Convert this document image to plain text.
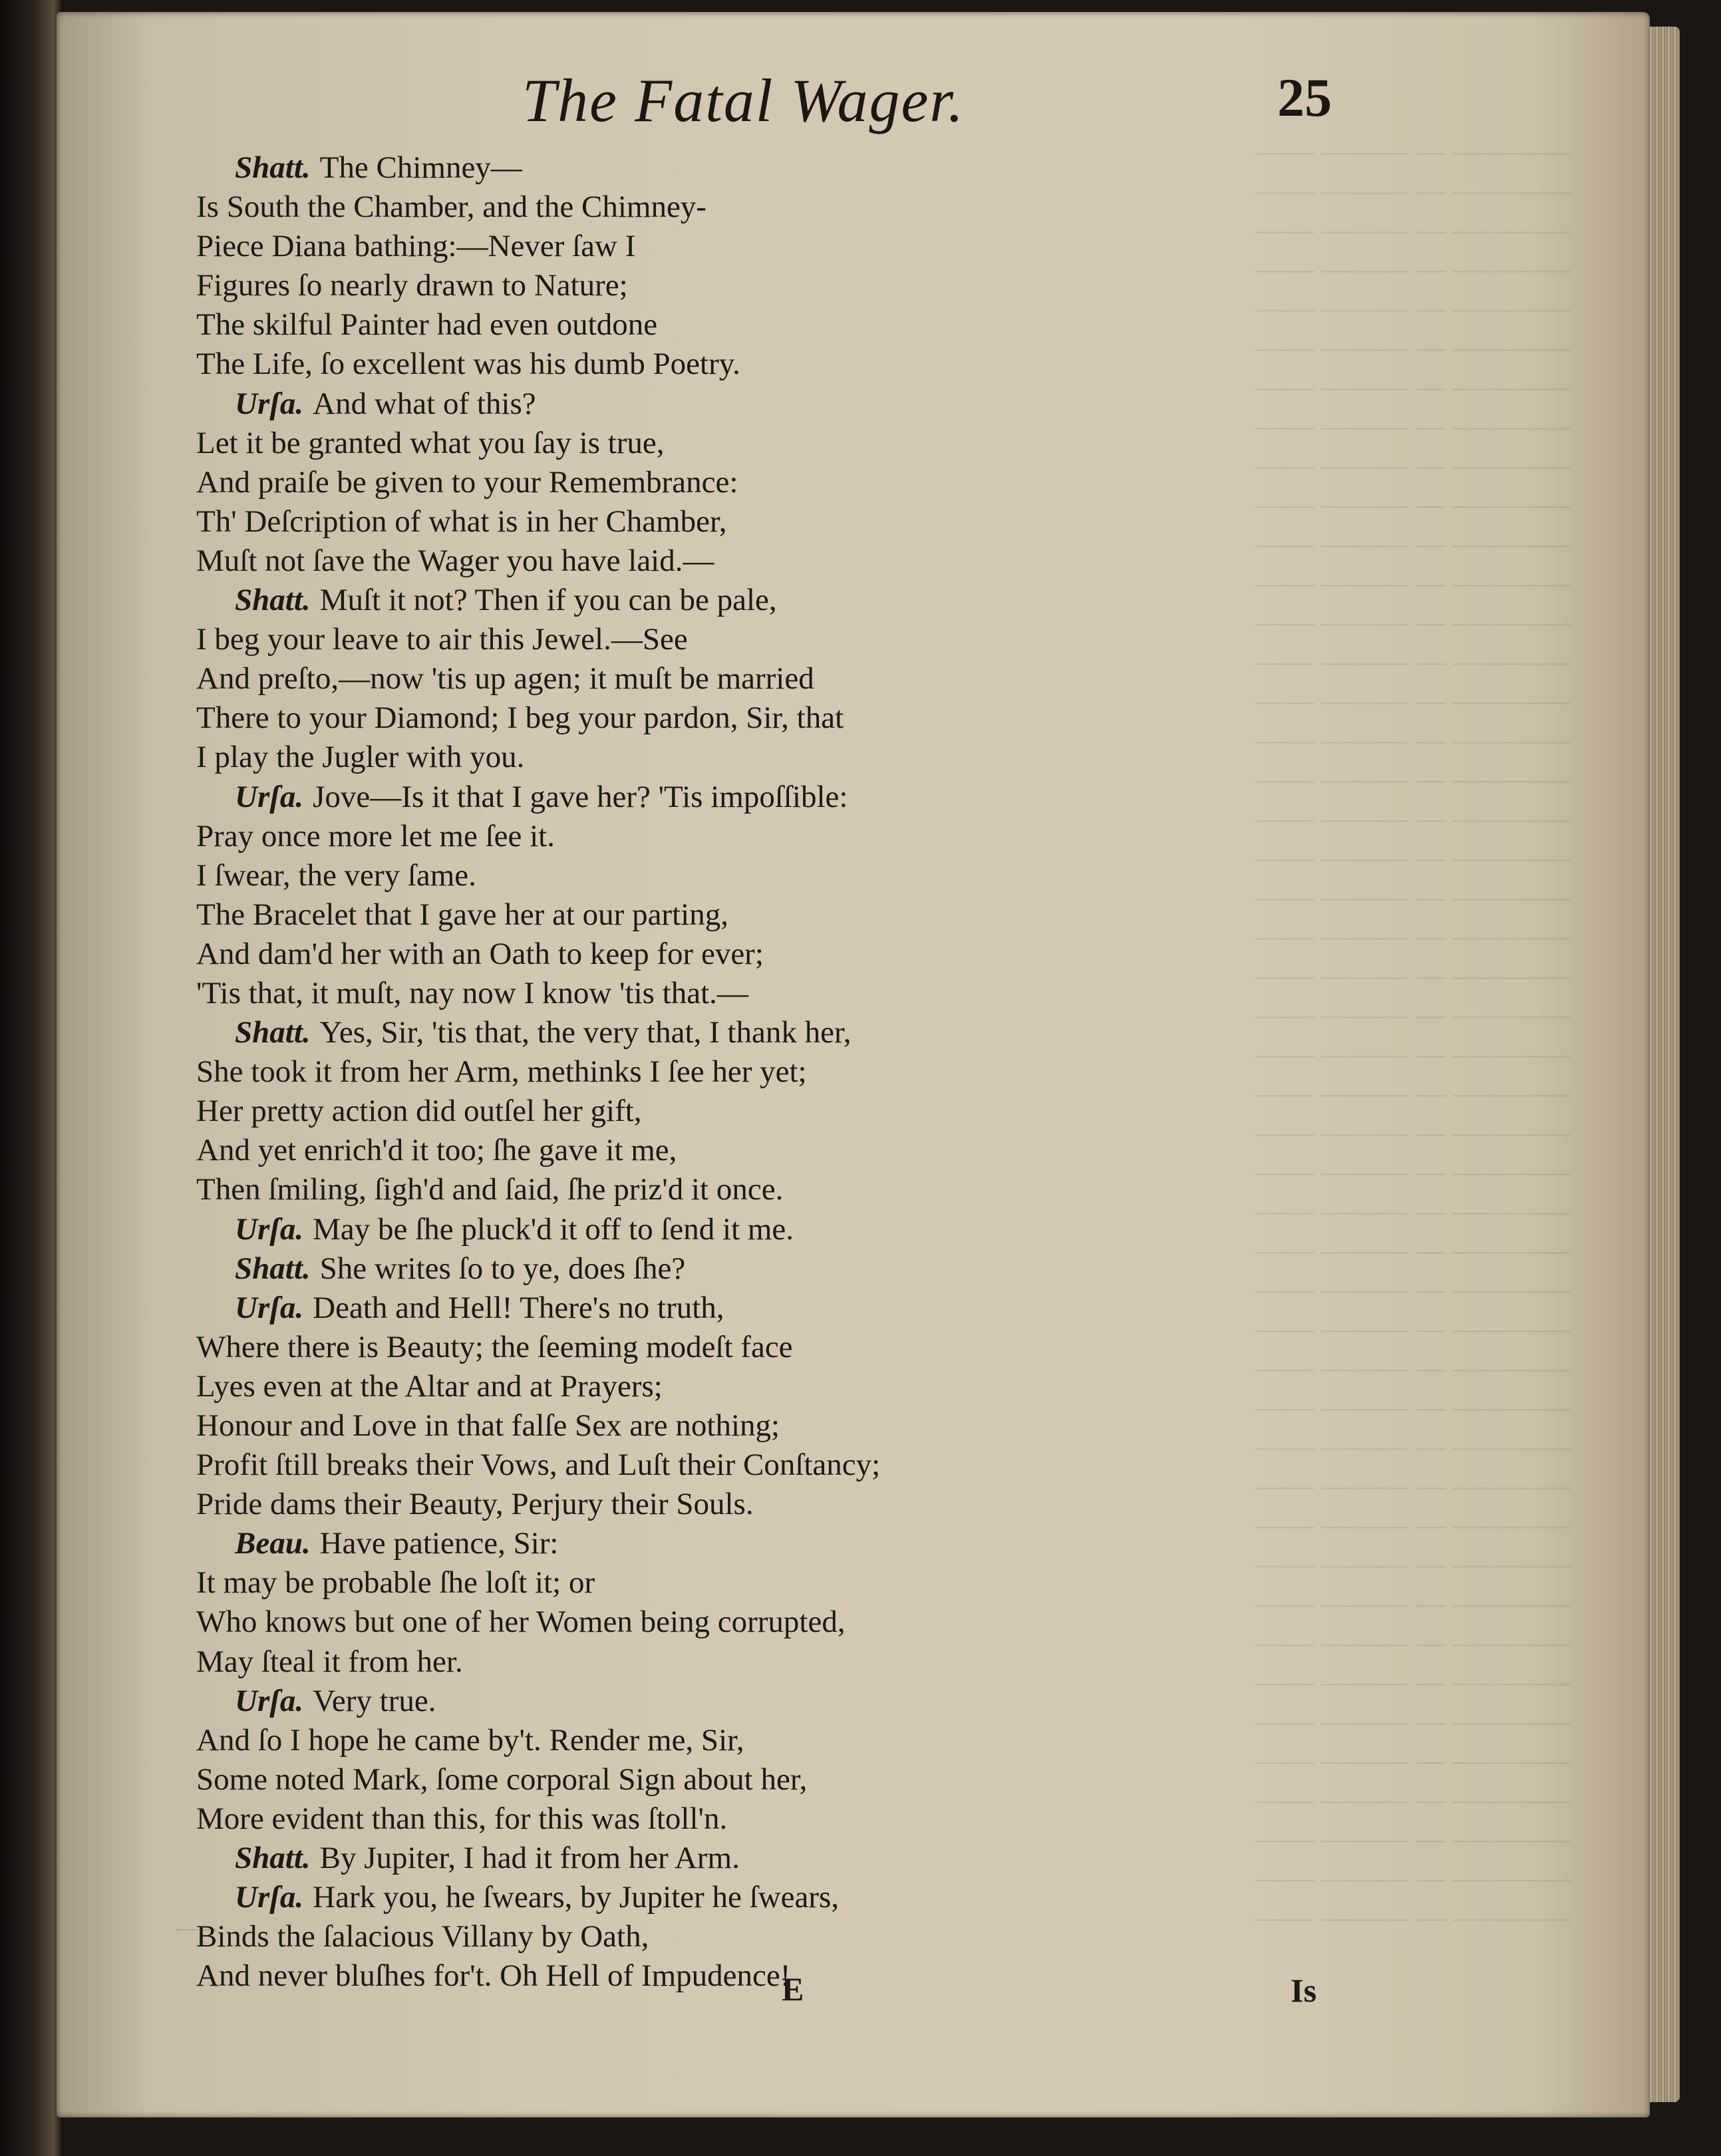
———— — ——— ——
———— — ——— ——
———— — ——— ——
———— — ——— ——
———— — ——— ——
———— — ——— ——
———— — ——— ——
———— — ——— ——
———— — ——— ——
———— — ——— ——
———— — ——— ——
———— — ——— ——
———— — ——— ——
———— — ——— ——
———— — ——— ——
———— — ——— ——
———— — ——— ——
———— — ——— ——
———— — ——— ——
———— — ——— ——
———— — ——— ——
———— — ——— ——
———— — ——— ——
———— — ——— ——
———— — ——— ——
———— — ——— ——
———— — ——— ——
———— — ——— ——
———— — ——— ——
———— — ——— ——
———— — ——— ——
———— — ——— ——
———— — ——— ——
———— — ——— ——
———— — ——— ——
———— — ——— ——
———— — ——— ——
———— — ——— ——
———— — ——— ——
———— — ——— ——
———— — ——— ——
———— — ——— ——
———— — ——— ——
———— — ——— ——
———— — ——— ——
———— — ——— ——
The Fatal Wager.	25
Shatt. The Chimney—
Is South the Chamber, and the Chimney-
Piece Diana bathing:—Never ſaw I
Figures ſo nearly drawn to Nature;
The skilful Painter had even outdone
The Life, ſo excellent was his dumb Poetry.
Urſa. And what of this?
Let it be granted what you ſay is true,
And praiſe be given to your Remembrance:
Th' Deſcription of what is in her Chamber,
Muſt not ſave the Wager you have laid.—
Shatt. Muſt it not? Then if you can be pale,
I beg your leave to air this Jewel.—See
And preſto,—now 'tis up agen; it muſt be married
There to your Diamond; I beg your pardon, Sir, that
I play the Jugler with you.
Urſa. Jove—Is it that I gave her? 'Tis impoſſible:
Pray once more let me ſee it.
I ſwear, the very ſame.
The Bracelet that I gave her at our parting,
And dam'd her with an Oath to keep for ever;
'Tis that, it muſt, nay now I know 'tis that.—
Shatt. Yes, Sir, 'tis that, the very that, I thank her,
She took it from her Arm, methinks I ſee her yet;
Her pretty action did outſel her gift,
And yet enrich'd it too; ſhe gave it me,
Then ſmiling, ſigh'd and ſaid, ſhe priz'd it once.
Urſa. May be ſhe pluck'd it off to ſend it me.
Shatt. She writes ſo to ye, does ſhe?
Urſa. Death and Hell! There's no truth,
Where there is Beauty; the ſeeming modeſt face
Lyes even at the Altar and at Prayers;
Honour and Love in that falſe Sex are nothing;
Profit ſtill breaks their Vows, and Luſt their Conſtancy;
Pride dams their Beauty, Perjury their Souls.
Beau. Have patience, Sir:
It may be probable ſhe loſt it; or
Who knows but one of her Women being corrupted,
May ſteal it from her.
Urſa. Very true.
And ſo I hope he came by't. Render me, Sir,
Some noted Mark, ſome corporal Sign about her,
More evident than this, for this was ſtoll'n.
Shatt. By Jupiter, I had it from her Arm.
Urſa. Hark you, he ſwears, by Jupiter he ſwears,
Binds the ſalacious Villany by Oath,
And never bluſhes for't. Oh Hell of Impudence!
E	Is
